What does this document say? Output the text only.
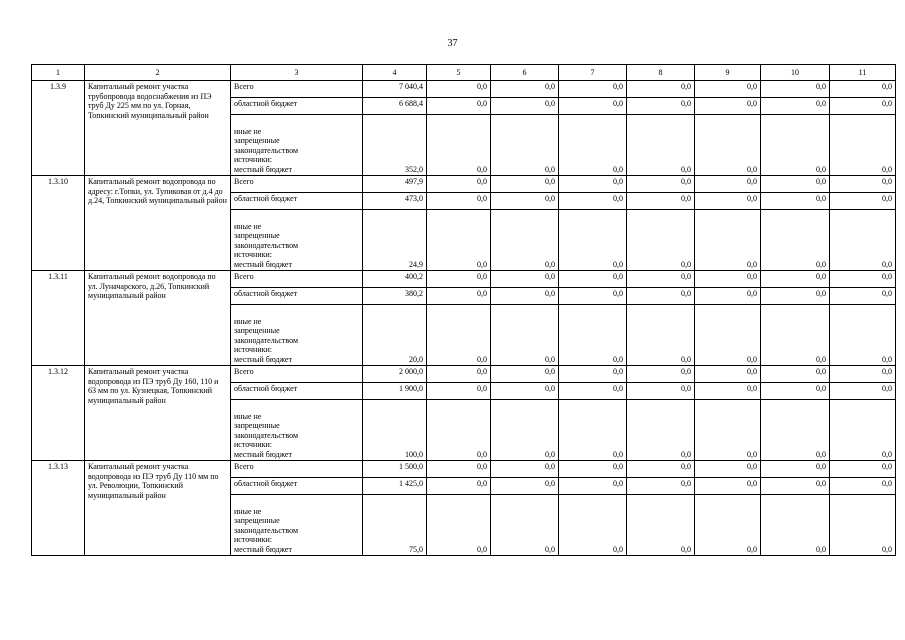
37
1	2	3	4	5	6	7	8	9	10	11
1.3.9	Капитальный ремонт участка трубопровода водоснабжения из ПЭ труб Ду 225 мм по ул. Горная, Топкинский муниципальный район	Всего	7 040,4	0,0	0,0	0,0	0,0	0,0	0,0	0,0
		областной бюджет	6 688,4	0,0	0,0	0,0	0,0	0,0	0,0	0,0

		иные не
запрещенные
законодательством
источники:
местный бюджет	352,0	0,0	0,0	0,0	0,0	0,0	0,0	0,0
1.3.10	Капитальный ремонт водопровода по адресу: г.Топки, ул. Тупиковая от д.4 до д.24, Топкинский муниципальный район	Всего	497,9	0,0	0,0	0,0	0,0	0,0	0,0	0,0
		областной бюджет	473,0	0,0	0,0	0,0	0,0	0,0	0,0	0,0

		иные не
запрещенные
законодательством
источники:
местный бюджет	24,9	0,0	0,0	0,0	0,0	0,0	0,0	0,0
1.3.11	Капитальный ремонт водопровода по ул. Луначарского, д.26, Топкинский муниципальный район	Всего	400,2	0,0	0,0	0,0	0,0	0,0	0,0	0,0
		областной бюджет	380,2	0,0	0,0	0,0	0,0	0,0	0,0	0,0

		иные не
запрещенные
законодательством
источники:
местный бюджет	20,0	0,0	0,0	0,0	0,0	0,0	0,0	0,0
1.3.12	Капитальный ремонт участка водопровода из ПЭ труб Ду 160, 110 и 63 мм по ул. Кузнецкая, Топкинский муниципальный район	Всего	2 000,0	0,0	0,0	0,0	0,0	0,0	0,0	0,0
		областной бюджет	1 900,0	0,0	0,0	0,0	0,0	0,0	0,0	0,0

		иные не
запрещенные
законодательством
источники:
местный бюджет	100,0	0,0	0,0	0,0	0,0	0,0	0,0	0,0
1.3.13	Капитальный ремонт участка водопровода из ПЭ труб Ду 110 мм по ул. Революции, Топкинский муниципальный район	Всего	1 500,0	0,0	0,0	0,0	0,0	0,0	0,0	0,0
		областной бюджет	1 425,0	0,0	0,0	0,0	0,0	0,0	0,0	0,0

		иные не
запрещенные
законодательством
источники:
местный бюджет	75,0	0,0	0,0	0,0	0,0	0,0	0,0	0,0
